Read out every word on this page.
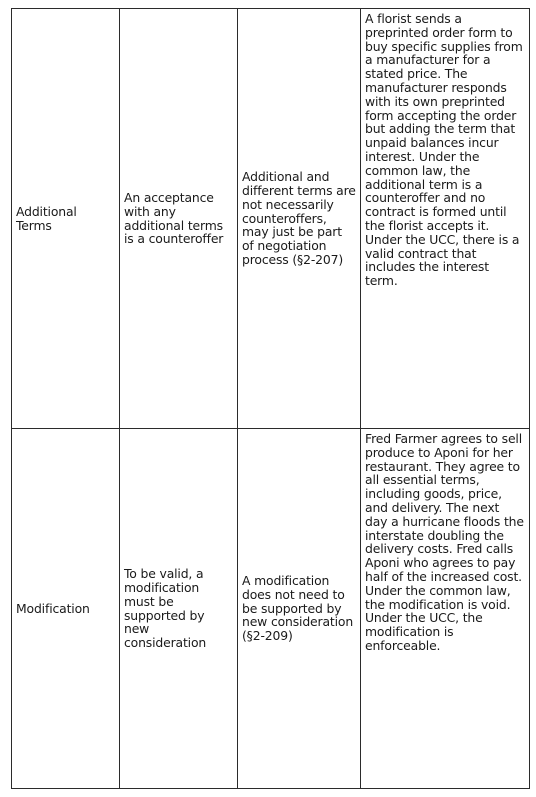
Additional Terms	An acceptance with any additional terms is a counteroffer	Additional and different terms are not necessarily counteroffers, may just be part of negotiation process (§2-207)	A florist sends a preprinted order form to buy specific supplies from a manufacturer for a stated price. The manufacturer responds with its own preprinted form accepting the order but adding the term that unpaid balances incur interest. Under the common law, the additional term is a counteroffer and no contract is formed until the florist accepts it. Under the UCC, there is a valid contract that includes the interest term.

Modification	To be valid, a modification must be supported by new consideration	A modification does not need to be supported by new consideration (§2-209)	Fred Farmer agrees to sell produce to Aponi for her restaurant. They agree to all essential terms, including goods, price, and delivery. The next day a hurricane floods the interstate doubling the delivery costs. Fred calls Aponi who agrees to pay half of the increased cost. Under the common law, the modification is void. Under the UCC, the modification is enforceable.
